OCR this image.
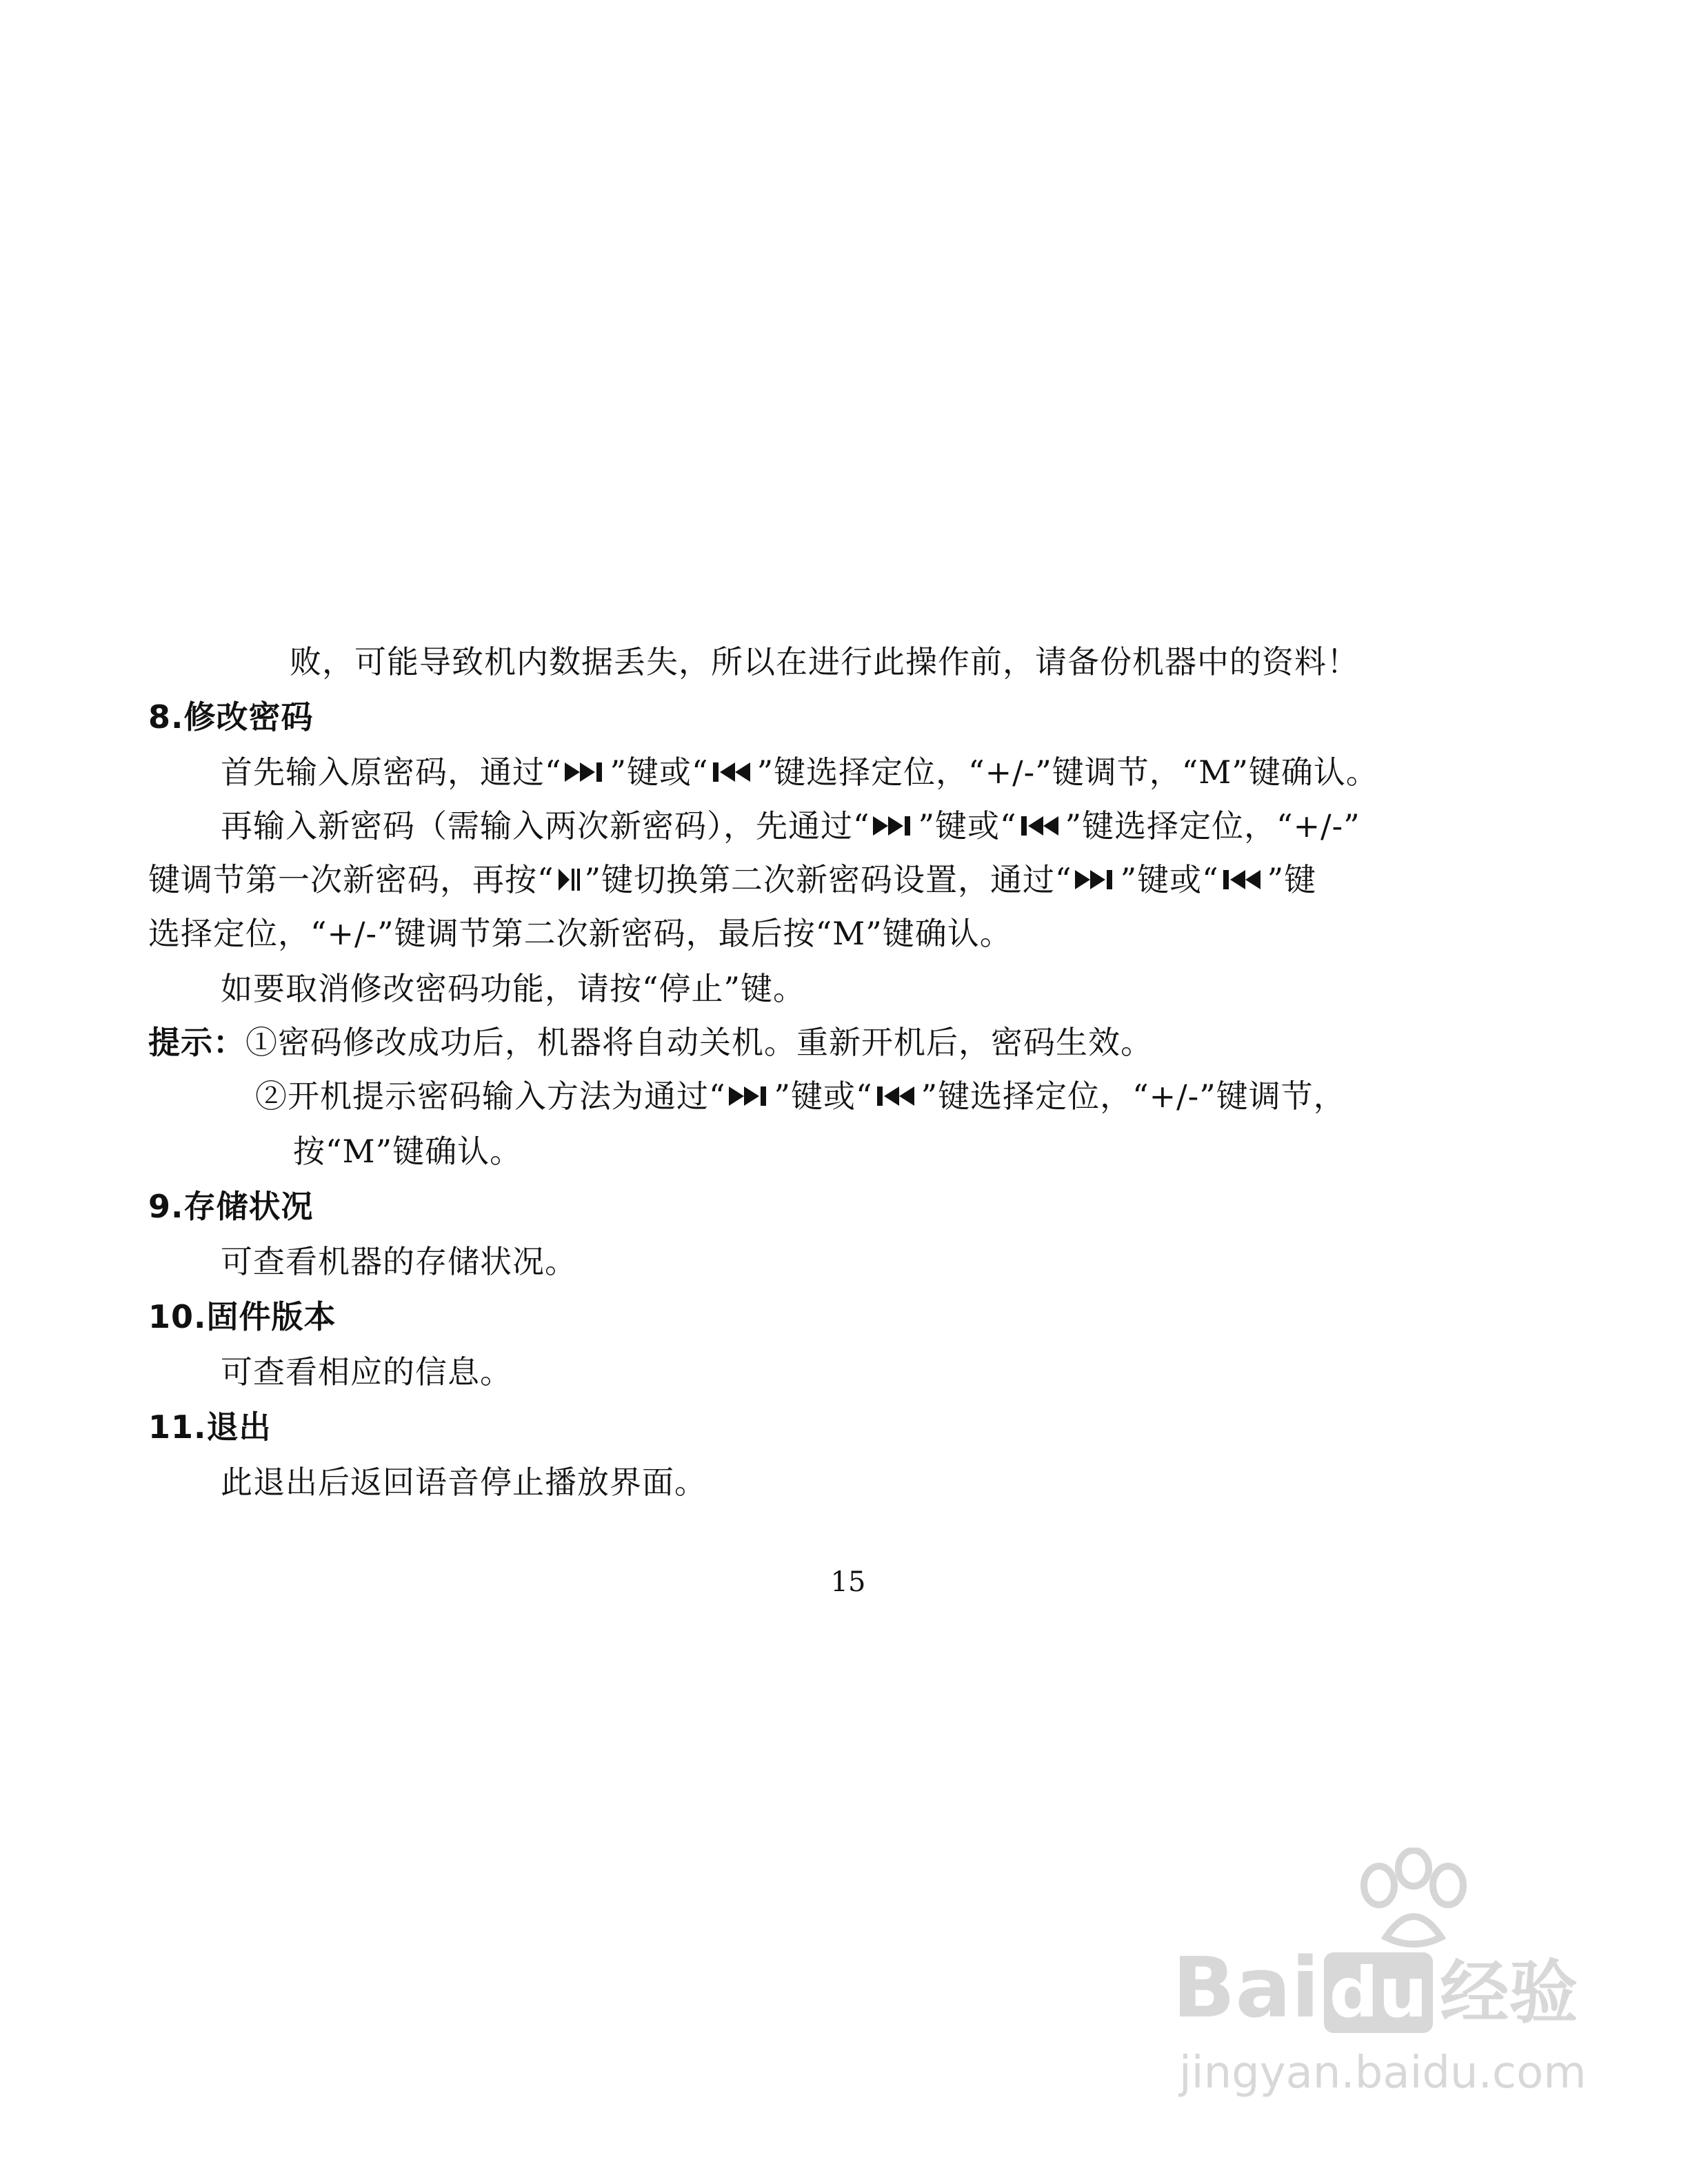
败，可能导致机内数据丢失，所以在进行此操作前，请备份机器中的资料！
8.修改密码
首先输入原密码，通过“ ”键或“ ”键选择定位，“+/-”键调节，“M”键确认。
再输入新密码（需输入两次新密码），先通过“ ”键或“ ”键选择定位，“+/-”
键调节第一次新密码，再按“ ”键切换第二次新密码设置，通过“ ”键或“ ”键
选择定位，“+/-”键调节第二次新密码，最后按“M”键确认。
如要取消修改密码功能，请按“停止”键。
提示：①密码修改成功后，机器将自动关机。重新开机后，密码生效。
②开机提示密码输入方法为通过“ ”键或“ ”键选择定位，“+/-”键调节，
按“M”键确认。
9.存储状况
可查看机器的存储状况。
10.固件版本
可查看相应的信息。
11.退出
此退出后返回语音停止播放界面。
15
Bai du 经验
jingyan.baidu.com
